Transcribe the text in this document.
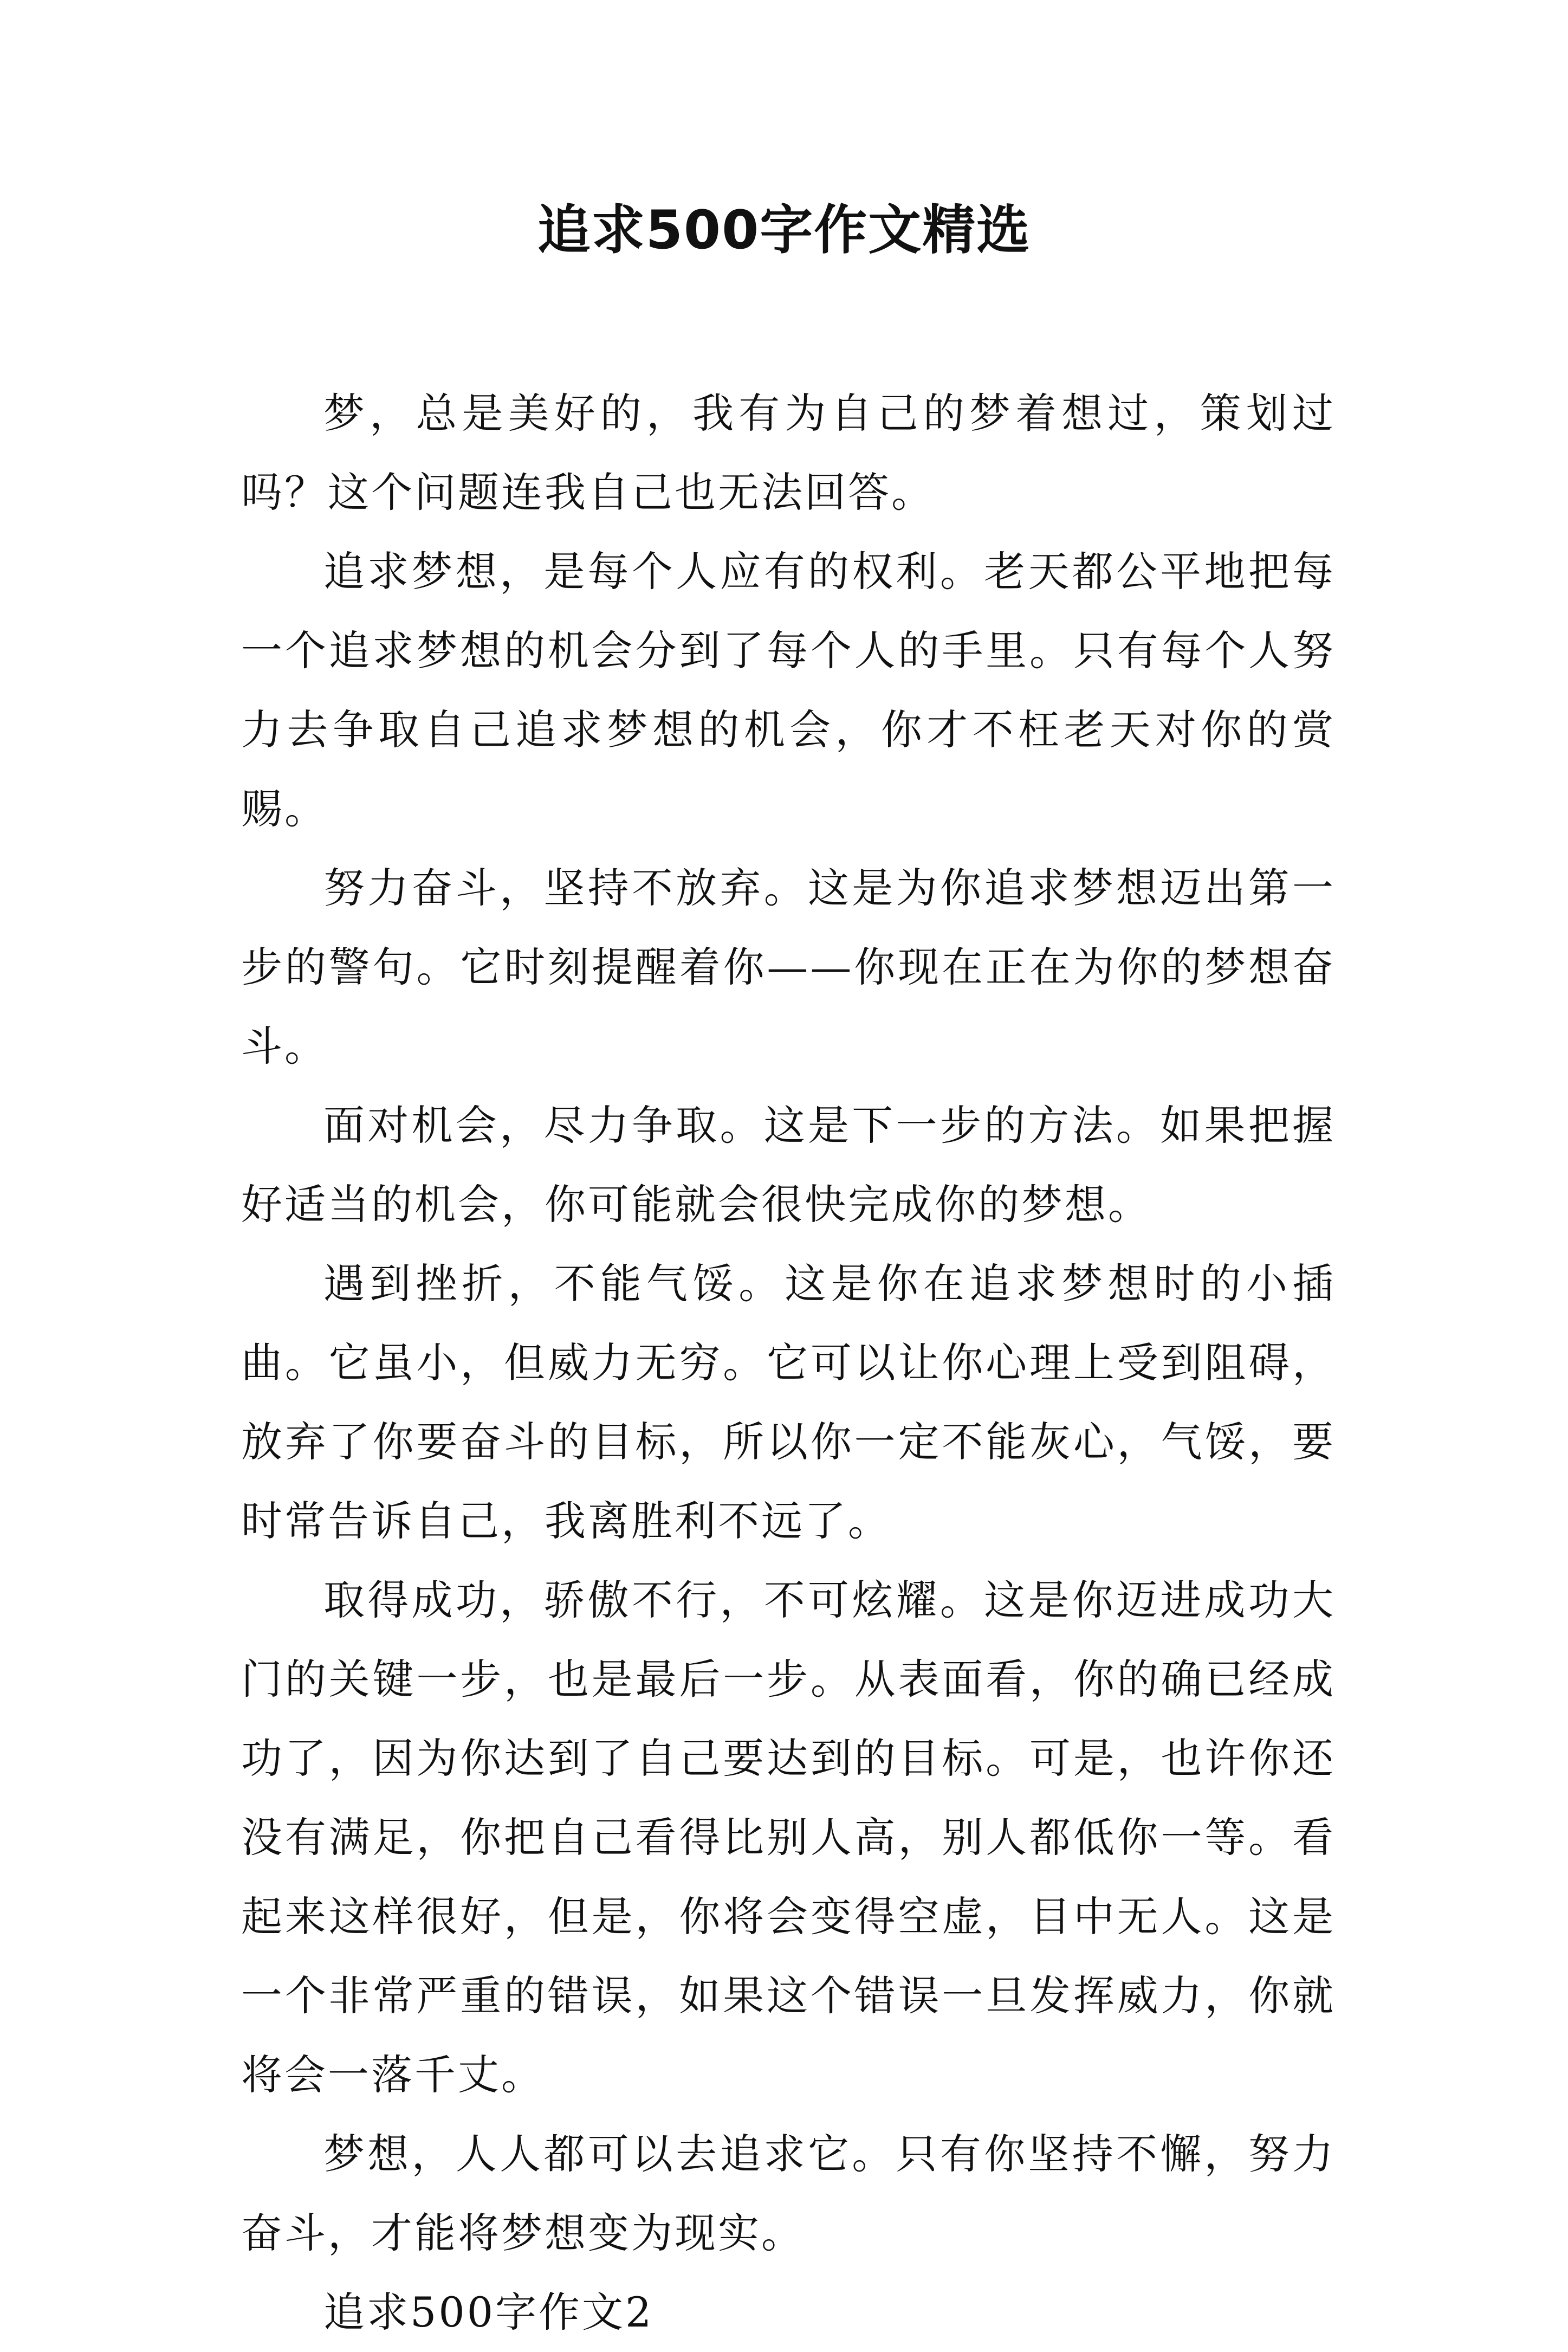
追求500字作文精选

梦，总是美好的，我有为自己的梦着想过，策划过吗？这个问题连我自己也无法回答。

追求梦想，是每个人应有的权利。老天都公平地把每一个追求梦想的机会分到了每个人的手里。只有每个人努力去争取自己追求梦想的机会，你才不枉老天对你的赏赐。

努力奋斗，坚持不放弃。这是为你追求梦想迈出第一步的警句。它时刻提醒着你——你现在正在为你的梦想奋斗。

面对机会，尽力争取。这是下一步的方法。如果把握好适当的机会，你可能就会很快完成你的梦想。

遇到挫折，不能气馁。这是你在追求梦想时的小插曲。它虽小，但威力无穷。它可以让你心理上受到阻碍，放弃了你要奋斗的目标，所以你一定不能灰心，气馁，要时常告诉自己，我离胜利不远了。

取得成功，骄傲不行，不可炫耀。这是你迈进成功大门的关键一步，也是最后一步。从表面看，你的确已经成功了，因为你达到了自己要达到的目标。可是，也许你还没有满足，你把自己看得比别人高，别人都低你一等。看起来这样很好，但是，你将会变得空虚，目中无人。这是一个非常严重的错误，如果这个错误一旦发挥威力，你就将会一落千丈。

梦想，人人都可以去追求它。只有你坚持不懈，努力奋斗，才能将梦想变为现实。

追求500字作文2
